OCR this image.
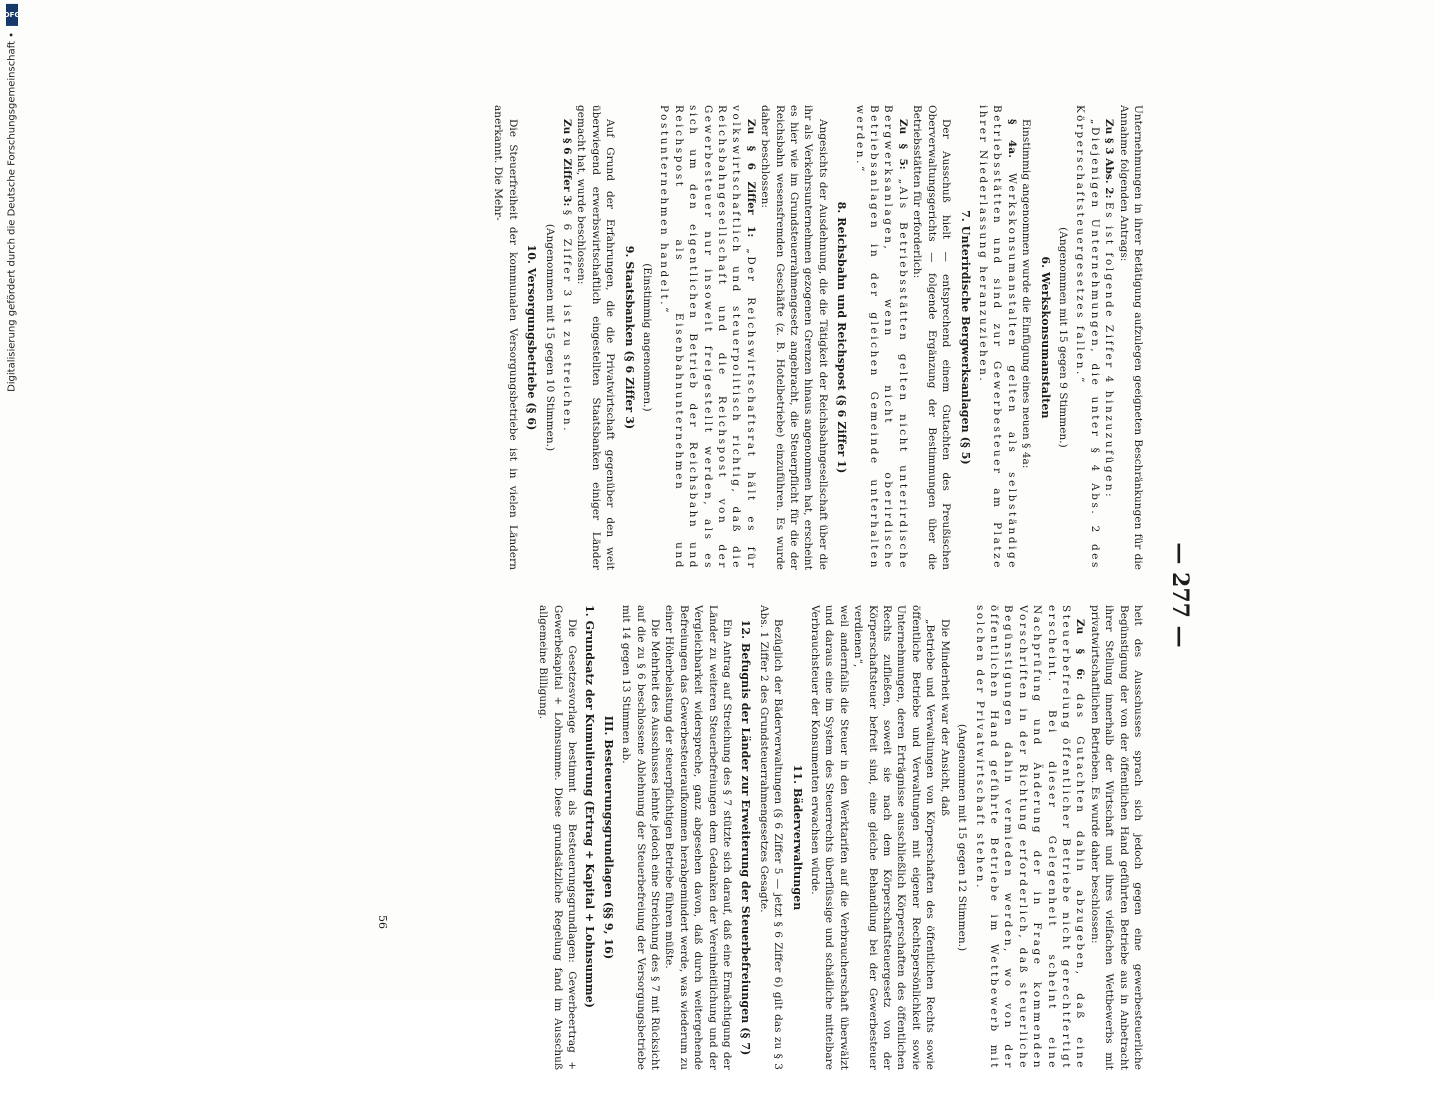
Digitalisierung gefördert durch die Deutsche Forschungsgemeinschaft •
DFG
— 277 —

Unternehmungen in ihrer Betätigung aufzulegen geeigneten Beschränkungen für die Annahme folgenden Antrags:

Zu § 3 Abs. 2: Es ist folgende Ziffer 4 hinzuzufügen:

„Diejenigen Unternehmungen, die unter § 4 Abs. 2 des Körperschaftsteuergesetzes fallen.“

(Angenommen mit 15 gegen 9 Stimmen.)

6. Werkskonsumanstalten

Einstimmig angenommen wurde die Einfügung eines neuen § 4a:

§ 4a. Werkskonsumanstalten gelten als selbständige Betriebsstätten und sind zur Gewerbesteuer am Platze ihrer Niederlassung heranzuziehen.

7. Unterirdische Bergwerksanlagen (§ 5)

Der Ausschuß hielt — entsprechend einem Gutachten des Preußischen Oberverwaltungsgerichts — folgende Ergänzung der Bestimmungen über die Betriebsstätten für erforderlich:

Zu § 5: „Als Betriebsstätten gelten nicht unterirdische Bergwerksanlagen, wenn nicht oberirdische Betriebsanlagen in der gleichen Gemeinde unterhalten werden.“

8. Reichsbahn und Reichspost (§ 6 Ziffer 1)

Angesichts der Ausdehnung, die die Tätigkeit der Reichsbahngesellschaft über die ihr als Verkehrsunternehmen gezogenen Grenzen hinaus angenommen hat, erscheint es hier wie im Grundsteuerrahmengesetz angebracht, die Steuerpflicht für die der Reichsbahn wesensfremden Geschäfte (z. B. Hotelbetriebe) einzuführen. Es wurde daher beschlossen:

Zu § 6 Ziffer 1: „Der Reichswirtschaftsrat hält es für volkswirtschaftlich und steuerpolitisch richtig, daß die Reichsbahngesellschaft und die Reichspost von der Gewerbesteuer nur insoweit freigestellt werden, als es sich um den eigentlichen Betrieb der Reichsbahn und Reichspost als Eisenbahnunternehmen und Postunternehmen handelt.“

(Einstimmig angenommen.)

9. Staatsbanken (§ 6 Ziffer 3)

Auf Grund der Erfahrungen, die die Privatwirtschaft gegenüber den weit überwiegend erwerbswirtschaftlich eingestellten Staatsbanken einiger Länder gemacht hat, wurde beschlossen:

Zu § 6 Ziffer 3: § 6 Ziffer 3 ist zu streichen.

(Angenommen mit 15 gegen 10 Stimmen.)

10. Versorgungsbetriebe (§ 6)

Die Steuerfreiheit der kommunalen Versorgungsbetriebe ist in vielen Ländern anerkannt. Die Mehr-

heit des Ausschusses sprach sich jedoch gegen eine gewerbesteuerliche Begünstigung der von der öffentlichen Hand geführten Betriebe aus in Anbetracht ihrer Stellung innerhalb der Wirtschaft und ihres vielfachen Wettbewerbs mit privatwirtschaftlichen Betrieben. Es wurde daher beschlossen:

Zu § 6: das Gutachten dahin abzugeben, daß eine Steuerbefreiung öffentlicher Betriebe nicht gerechtfertigt erscheint. Bei dieser Gelegenheit scheint eine Nachprüfung und Änderung der in Frage kommenden Vorschriften in der Richtung erforderlich, daß steuerliche Begünstigungen dahin vermieden werden, wo von der öffentlichen Hand geführte Betriebe im Wettbewerb mit solchen der Privatwirtschaft stehen.

(Angenommen mit 15 gegen 12 Stimmen.)

Die Minderheit war der Ansicht, daß

„Betriebe und Verwaltungen von Körperschaften des öffentlichen Rechts sowie öffentliche Betriebe und Verwaltungen mit eigener Rechtspersönlichkeit sowie Unternehmungen, deren Erträgnisse ausschließlich Körperschaften des öffentlichen Rechts zufließen, soweit sie nach dem Körperschaftsteuergesetz von der Körperschaftsteuer befreit sind, eine gleiche Behandlung bei der Gewerbesteuer verdienen“,

weil andernfalls die Steuer in den Werktarifen auf die Verbraucherschaft überwälzt und daraus eine im System des Steuerrechts überflüssige und schädliche mittelbare Verbrauchsteuer der Konsumenten erwachsen würde.

11. Bäderverwaltungen

Bezüglich der Bäderverwaltungen (§ 6 Ziffer 5 — jetzt § 6 Ziffer 6) gilt das zu § 3 Abs. 1 Ziffer 2 des Grundsteuerrahmengesetzes Gesagte.

12. Befugnis der Länder zur Erweiterung der Steuerbefreiungen (§ 7)

Ein Antrag auf Streichung des § 7 stützte sich darauf, daß eine Ermächtigung der Länder zu weiteren Steuerbefreiungen dem Gedanken der Vereinheitlichung und der Vergleichbarkeit widerspreche, ganz abgesehen davon, daß durch weitergehende Befreiungen das Gewerbesteueraufkommen herabgemindert werde, was wiederum zu einer Höherbelastung der steuerpflichtigen Betriebe führen müßte.

Die Mehrheit des Ausschusses lehnte jedoch eine Streichung des § 7 mit Rücksicht auf die zu § 6 beschlossene Ablehnung der Steuerbefreiung der Versorgungsbetriebe mit 14 gegen 13 Stimmen ab.

III. Besteuerungsgrundlagen (§§ 9, 16)
1. Grundsatz der Kumulierung (Ertrag + Kapital + Lohnsumme)

Die Gesetzesvorlage bestimmt als Besteuerungsgrundlagen: Gewerbeertrag + Gewerbekapital + Lohnsumme. Diese grundsätzliche Regelung fand im Ausschuß allgemeine Billigung.

56
